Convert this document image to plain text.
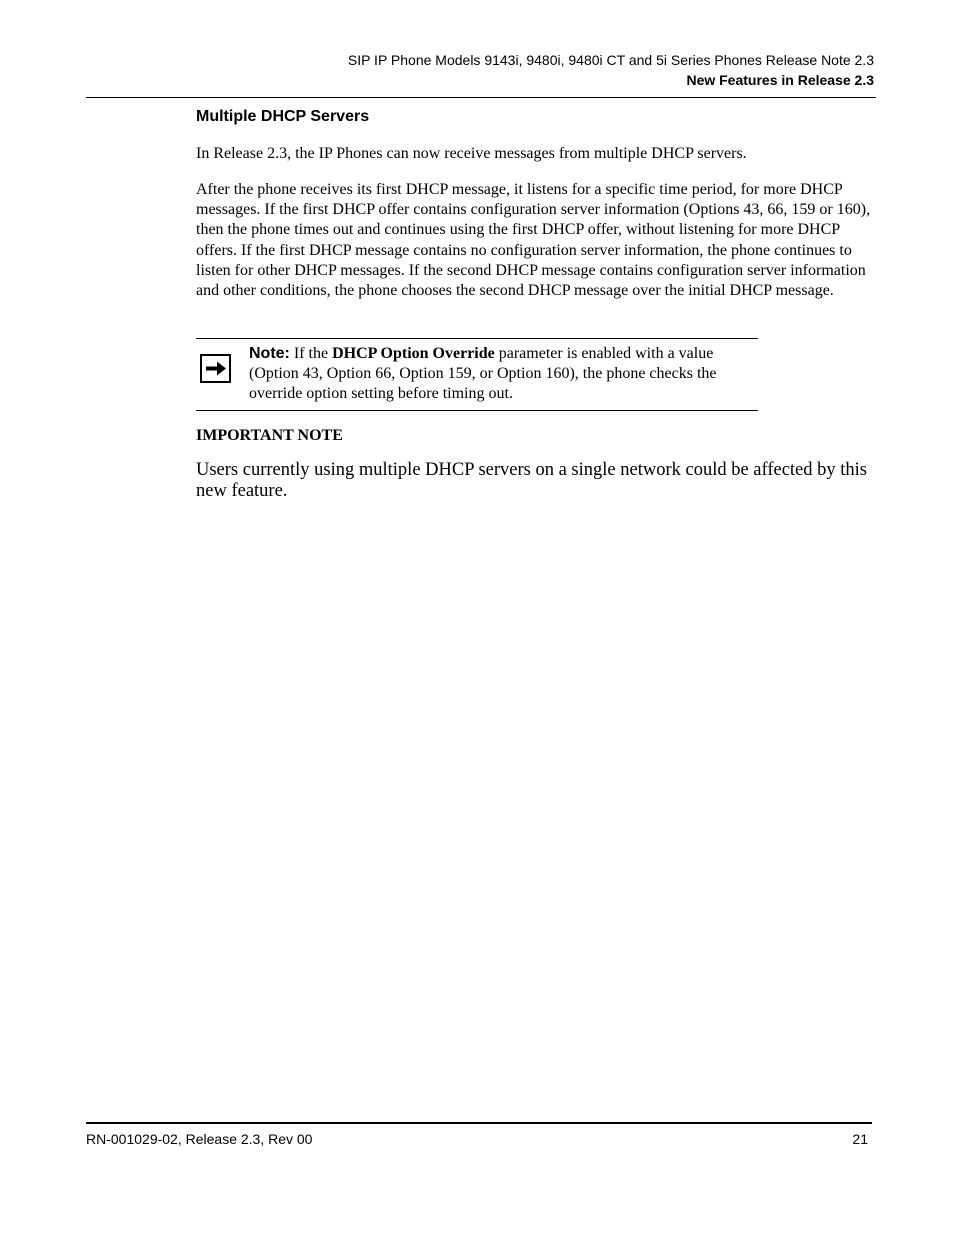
SIP IP Phone Models 9143i, 9480i, 9480i CT and 5i Series Phones Release Note 2.3
New Features in Release 2.3
Multiple DHCP Servers

In Release 2.3, the IP Phones can now receive messages from multiple DHCP servers.

After the phone receives its first DHCP message, it listens for a specific time period, for more DHCP messages. If the first DHCP offer contains configuration server information (Options 43, 66, 159 or 160), then the phone times out and continues using the first DHCP offer, without listening for more DHCP offers. If the first DHCP message contains no configuration server information, the phone continues to listen for other DHCP messages. If the second DHCP message contains configuration server information and other conditions, the phone chooses the second DHCP message over the initial DHCP message.

Note: If the DHCP Option Override parameter is enabled with a value (Option 43, Option 66, Option 159, or Option 160), the phone checks the override option setting before timing out.

IMPORTANT NOTE

Users currently using multiple DHCP servers on a single network could be affected by this new feature.

RN-001029-02, Release 2.3, Rev 00	21
